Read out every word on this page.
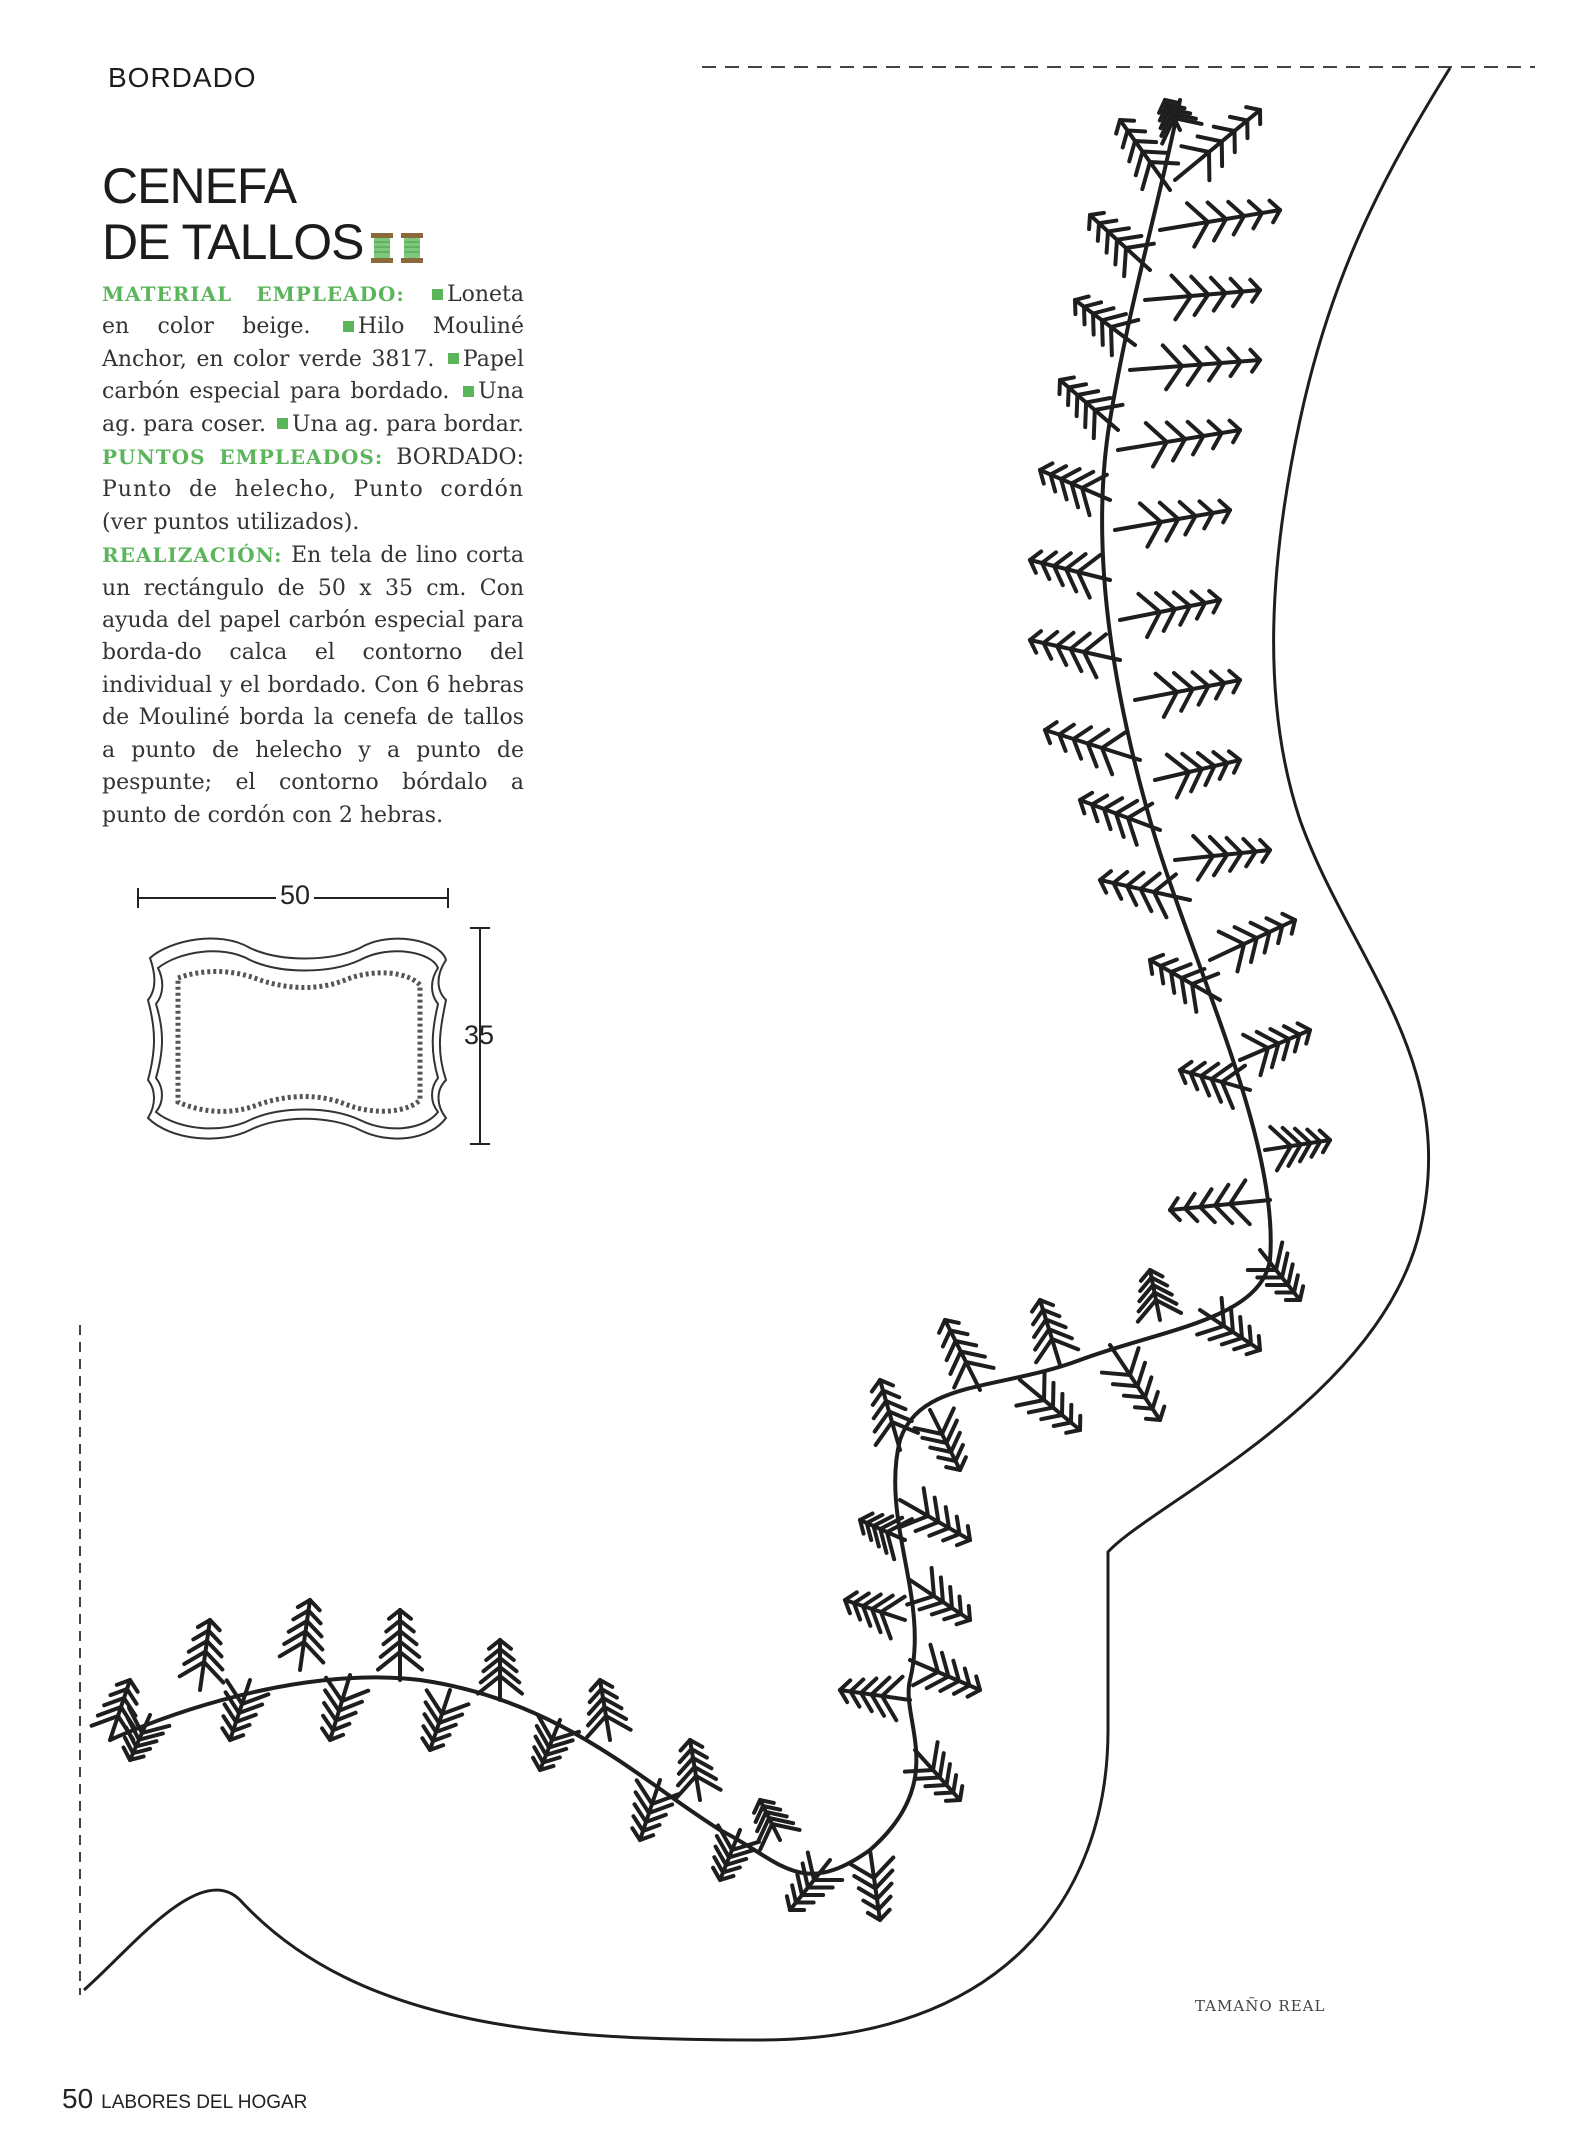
BORDADO
CENEFA
DE TALLOS

MATERIAL EMPLEADO: Loneta en color beige. Hilo Mouliné Anchor, en color verde 3817. Papel carbón especial para bordado. Una ag. para coser. Una ag. para bordar.

PUNTOS EMPLEADOS: BORDADO: Punto de helecho, Punto cordón (ver puntos utilizados).

REALIZACIÓN: En tela de lino corta un rectángulo de 50 x 35 cm. Con ayuda del papel carbón especial para borda-do calca el contorno del individual y el bordado. Con 6 hebras de Mouliné borda la cenefa de tallos a punto de helecho y a punto de pespunte; el contorno bórdalo a punto de cordón con 2 hebras.

50
35
TAMAÑO REAL
50 LABORES DEL HOGAR
